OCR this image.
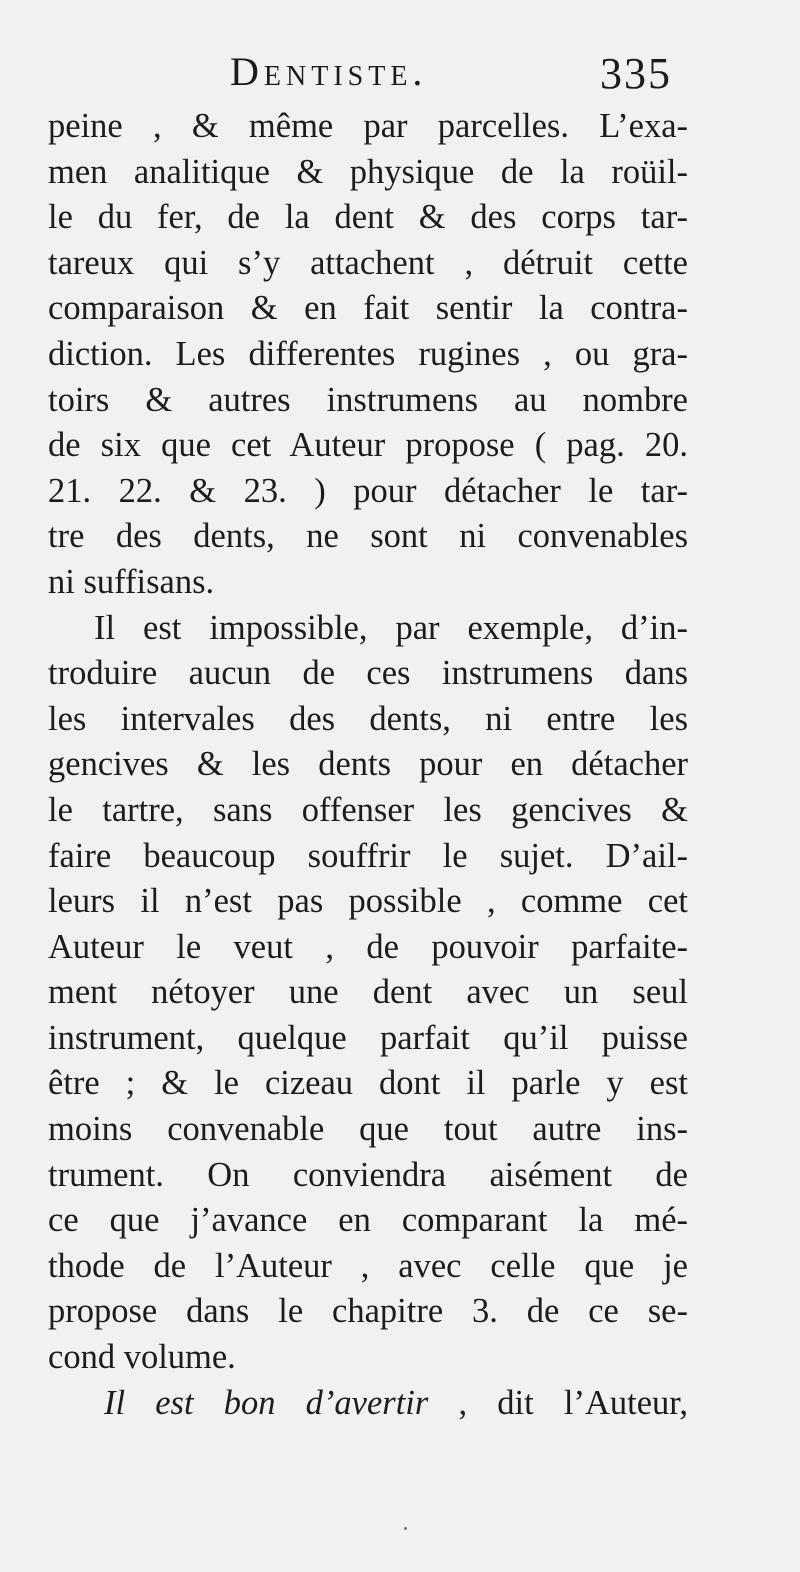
Dentiste.	335
peine , & même par parcelles. L’exa-
men analitique & physique de la roüil-
le du fer, de la dent & des corps tar-
tareux qui s’y attachent , détruit cette
comparaison & en fait sentir la contra-
diction. Les differentes rugines , ou gra-
toirs & autres instrumens au nombre
de six que cet Auteur propose ( pag. 20.
21. 22. & 23. ) pour détacher le tar-
tre des dents, ne sont ni convenables
ni suffisans.
Il est impossible, par exemple, d’in-
troduire aucun de ces instrumens dans
les intervales des dents, ni entre les
gencives & les dents pour en détacher
le tartre, sans offenser les gencives &
faire beaucoup souffrir le sujet. D’ail-
leurs il n’est pas possible , comme cet
Auteur le veut , de pouvoir parfaite-
ment nétoyer une dent avec un seul
instrument, quelque parfait qu’il puisse
être ; & le cizeau dont il parle y est
moins convenable que tout autre ins-
trument. On conviendra aisément de
ce que j’avance en comparant la mé-
thode de l’Auteur , avec celle que je
propose dans le chapitre 3. de ce se-
cond volume.
Il est bon d’avertir , dit l’Auteur,
